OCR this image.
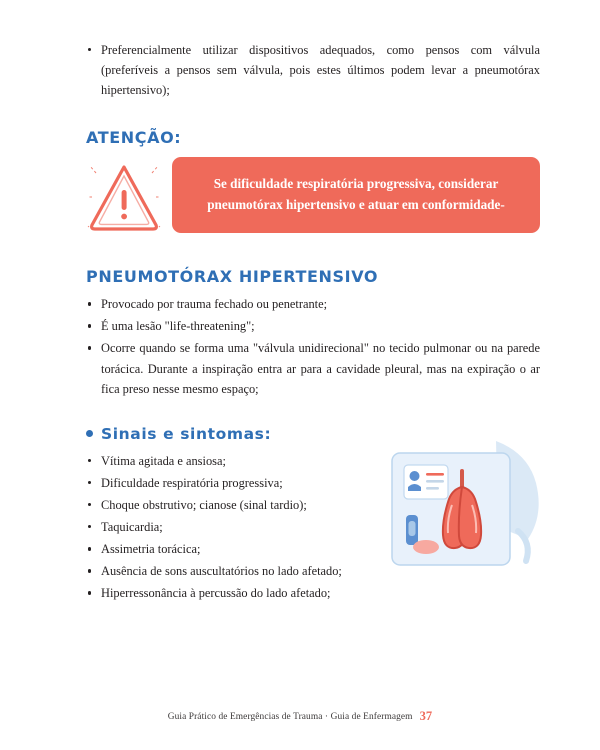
Preferencialmente utilizar dispositivos adequados, como pensos com válvula (preferíveis a pensos sem válvula, pois estes últimos podem levar a pneumotórax hipertensivo);
ATENÇÃO:
Se dificuldade respiratória progressiva, considerar pneumotórax hipertensivo e atuar em conformidade-
PNEUMOTÓRAX HIPERTENSIVO
Provocado por trauma fechado ou penetrante;
É uma lesão "life-threatening";
Ocorre quando se forma uma "válvula unidirecional" no tecido pulmonar ou na parede torácica. Durante a inspiração entra ar para a cavidade pleural, mas na expiração o ar fica preso nesse mesmo espaço;
Sinais e sintomas:
Vítima agitada e ansiosa;
Dificuldade respiratória progressiva;
Choque obstrutivo; cianose (sinal tardio);
Taquicardia;
Assimetria torácica;
Ausência de sons auscultatórios no lado afetado;
Hiperressonância à percussão do lado afetado;
Guia Prático de Emergências de Trauma · Guia de Enfermagem 37
